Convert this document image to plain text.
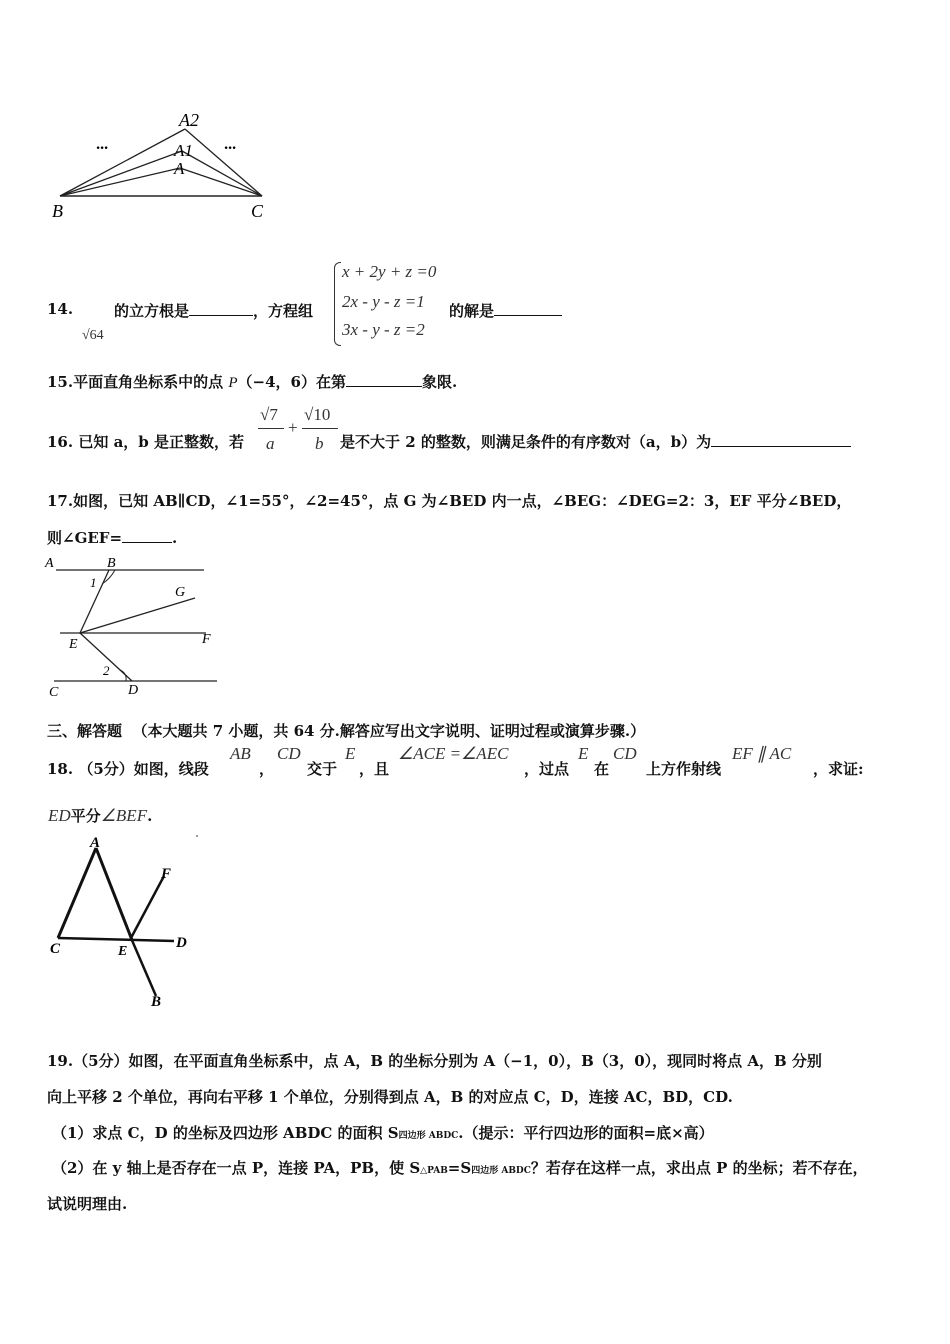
A2
A1
A
B	C
···	···
14.	的立方根是	，方程组
√64
x + 2y + z =0
2x - y - z =1
3x - y - z =2
的解是
15.平面直角坐标系中的点 P（−4，6）在第	象限.
16. 已知 a，b 是正整数，若
√7
a
+
√10
b 是不大于 2 的整数，则满足条件的有序数对（a，b）为
17.如图，已知 AB∥CD，∠1=55°，∠2=45°，点 G 为∠BED 内一点，∠BEG：∠DEG=2：3，EF 平分∠BED，
则∠GEF=	.
A	B
1
G
E	F
2
C	D
三、解答题 （本大题共 7 小题，共 64 分.解答应写出文字说明、证明过程或演算步骤.）
18. （5分）如图，线段
AB
，
CD
交于
E
，且
∠ACE =∠AEC
，过点
E
在
CD
上方作射线
EF ∥ AC
，求证:
ED平分∠BEF.
A
F
C	E
D
B
19.（5分）如图，在平面直角坐标系中，点 A，B 的坐标分别为 A（−1，0），B（3，0），现同时将点 A，B 分别
向上平移 2 个单位，再向右平移 1 个单位，分别得到点 A，B 的对应点 C，D，连接 AC，BD，CD.
（1）求点 C，D 的坐标及四边形 ABDC 的面积 S四边形 ABDC.（提示：平行四边形的面积=底×高）
（2）在 y 轴上是否存在一点 P，连接 PA，PB，使 S△PAB=S四边形 ABDC？若存在这样一点，求出点 P 的坐标；若不存在，
试说明理由.
